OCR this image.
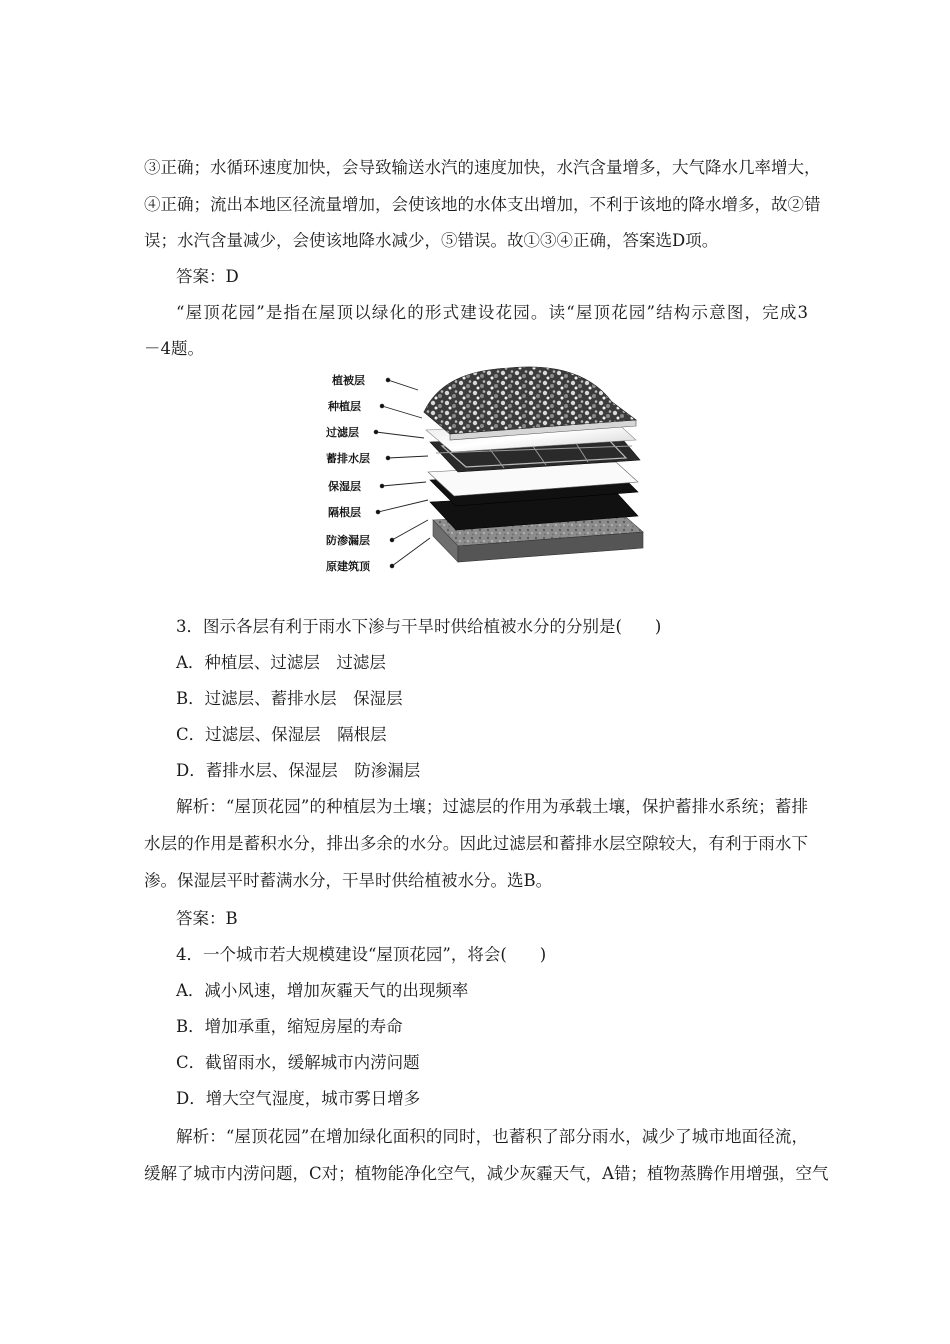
③正确；水循环速度加快，会导致输送水汽的速度加快，水汽含量增多，大气降水几率增大，
④正确；流出本地区径流量增加，会使该地的水体支出增加，不利于该地的降水增多，故②错
误；水汽含量减少，会使该地降水减少，⑤错误。故①③④正确，答案选D项。
答案：D
“屋顶花园”是指在屋顶以绿化的形式建设花园。读“屋顶花园”结构示意图，完成3
－4题。
植被层
种植层
过滤层
蓄排水层
保湿层
隔根层
防渗漏层
原建筑顶
3．图示各层有利于雨水下渗与干旱时供给植被水分的分别是(　　)
A．种植层、过滤层　过滤层
B．过滤层、蓄排水层　保湿层
C．过滤层、保湿层　隔根层
D．蓄排水层、保湿层　防渗漏层
解析：“屋顶花园”的种植层为土壤；过滤层的作用为承载土壤，保护蓄排水系统；蓄排
水层的作用是蓄积水分，排出多余的水分。因此过滤层和蓄排水层空隙较大，有利于雨水下
渗。保湿层平时蓄满水分，干旱时供给植被水分。选B。
答案：B
4．一个城市若大规模建设“屋顶花园”，将会(　　)
A．减小风速，增加灰霾天气的出现频率
B．增加承重，缩短房屋的寿命
C．截留雨水，缓解城市内涝问题
D．增大空气湿度，城市雾日增多
解析：“屋顶花园”在增加绿化面积的同时，也蓄积了部分雨水，减少了城市地面径流，
缓解了城市内涝问题，C对；植物能净化空气，减少灰霾天气，A错；植物蒸腾作用增强，空气
